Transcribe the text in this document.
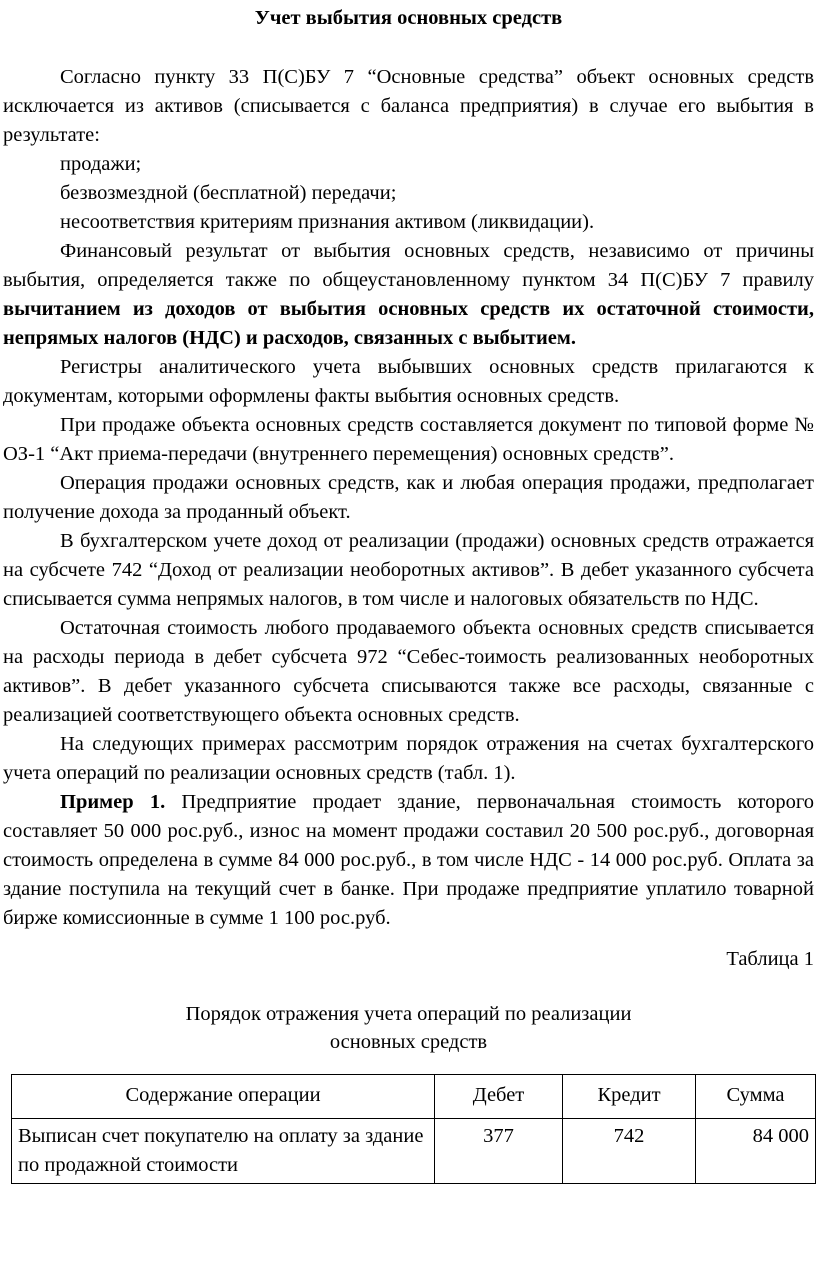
Учет выбытия основных средств

Согласно пункту 33 П(С)БУ 7 “Основные средства” объект основных средств исключается из активов (списывается с баланса предприятия) в случае его выбытия в результате:

продажи;

безвозмездной (бесплатной) передачи;

несоответствия критериям признания активом (ликвидации).

Финансовый результат от выбытия основных средств, независимо от причины выбытия, определяется также по общеустановленному пунктом 34 П(С)БУ 7 правилу вычитанием из доходов от выбытия основных средств их остаточной стоимости, непрямых налогов (НДС) и расходов, связанных с выбытием.

Регистры аналитического учета выбывших основных средств прилагаются к документам, которыми оформлены факты выбытия основных средств.

При продаже объекта основных средств составляется документ по типовой форме № ОЗ-1 “Акт приема-передачи (внутреннего перемещения) основных средств”.

Операция продажи основных средств, как и любая операция продажи, предполагает получение дохода за проданный объект.

В бухгалтерском учете доход от реализации (продажи) основных средств отражается на субсчете 742 “Доход от реализации необоротных активов”. В дебет указанного субсчета списывается сумма непрямых налогов, в том числе и налоговых обязательств по НДС.

Остаточная стоимость любого продаваемого объекта основных средств списывается на расходы периода в дебет субсчета 972 “Себес-тоимость реализованных необоротных активов”. В дебет указанного субсчета списываются также все расходы, связанные с реализацией соответствующего объекта основных средств.

На следующих примерах рассмотрим порядок отражения на счетах бухгалтерского учета операций по реализации основных средств (табл. 1).

Пример 1. Предприятие продает здание, первоначальная стоимость которого составляет 50 000 рос.руб., износ на момент продажи составил 20 500 рос.руб., договорная стоимость определена в сумме 84 000 рос.руб., в том числе НДС - 14 000 рос.руб. Оплата за здание поступила на текущий счет в банке. При продаже предприятие уплатило товарной бирже комиссионные в сумме 1 100 рос.руб.

Таблица 1

Порядок отражения учета операций по реализации
основных средств

Содержание операции	Дебет	Кредит	Сумма
Выписан счет покупателю на оплату за здание по продажной стоимости	377	742	84 000
